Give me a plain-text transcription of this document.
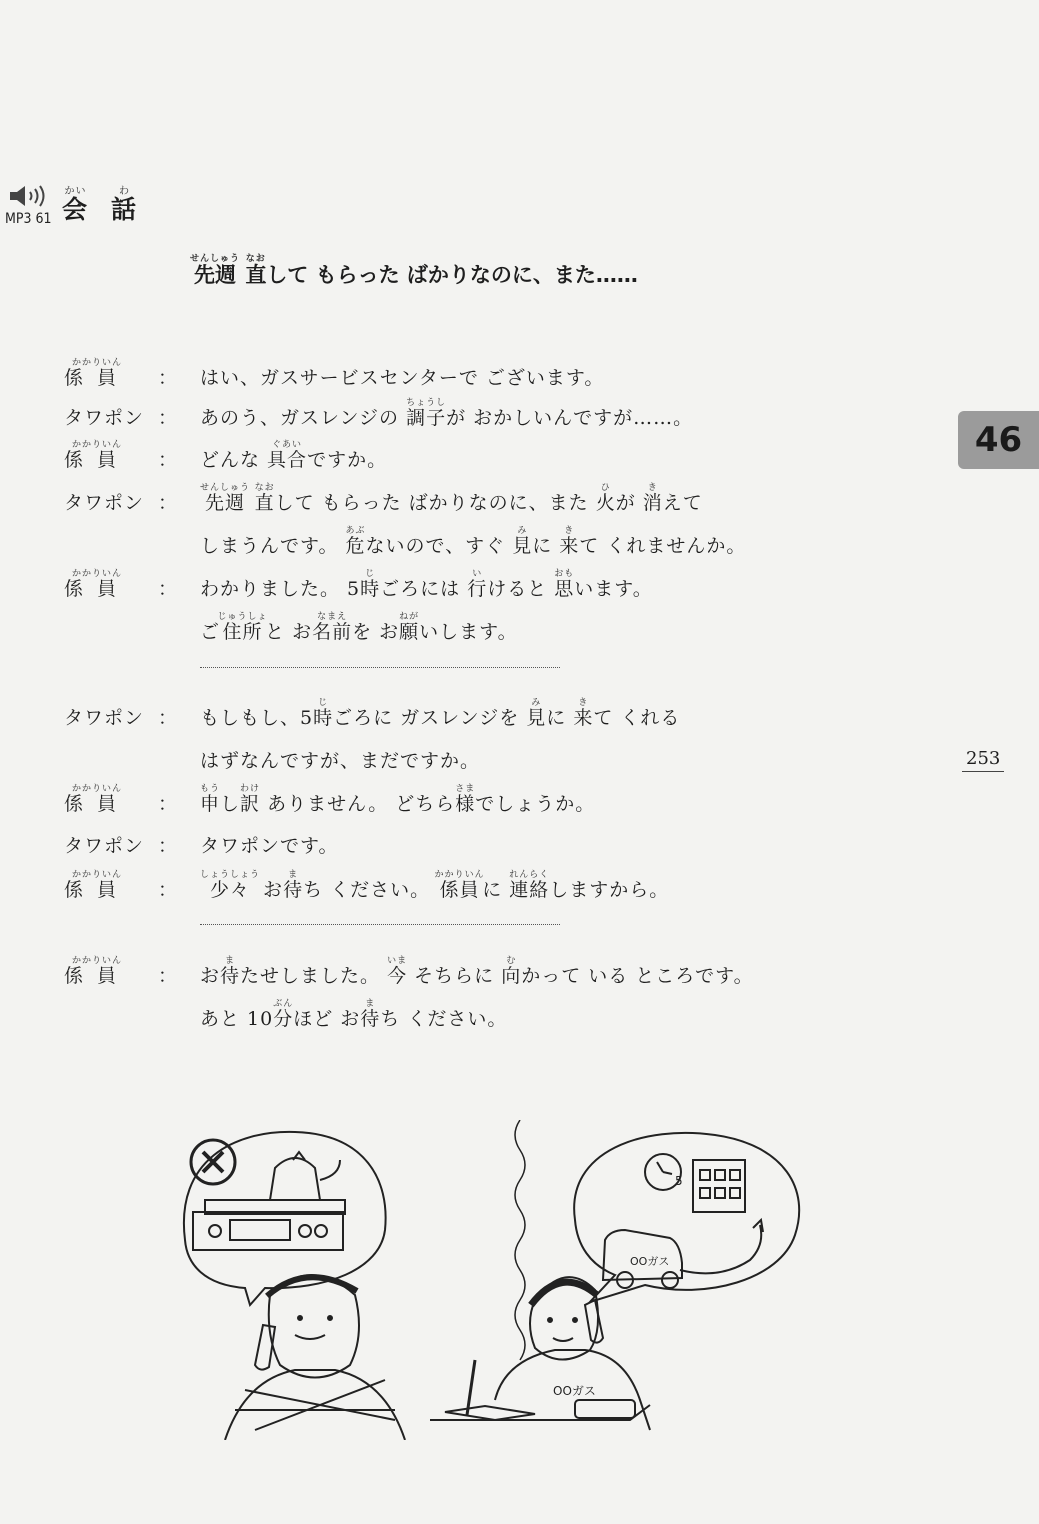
MP3 61 会かい話わ
先週せんしゅう 直なおして もらった ばかりなのに、また……
46
253
係員かかりいん
： はい、ガスサービスセンターで ございます。
タワポン ： あのう、ガスレンジの 調子ちょうしが おかしいんですが……。
係員かかりいん
： どんな 具合ぐあいですか。
タワポン ： 先週せんしゅう 直なおして もらった ばかりなのに、また 火ひが 消きえて
しまうんです。 危あぶないので、すぐ 見みに 来きて くれませんか。
係員かかりいん
： わかりました。 5時じごろには 行いけると 思おもいます。
ご住所じゅうしょと お名前なまえを お願ねがいします。
タワポン ： もしもし、5時じごろに ガスレンジを 見みに 来きて くれる
はずなんですが、まだですか。
係員かかりいん
： 申もうし訳わけ ありません。 どちら様さまでしょうか。
タワポン ： タワポンです。
係員かかりいん
： 少々しょうしょう お待まち ください。 係員かかりいんに 連絡れんらくしますから。
係員かかりいん
： お待またせしました。 今いま そちらに 向むかって いる ところです。
あと 10分ぶんほど お待まち ください。
5
OOガス
OOガス
